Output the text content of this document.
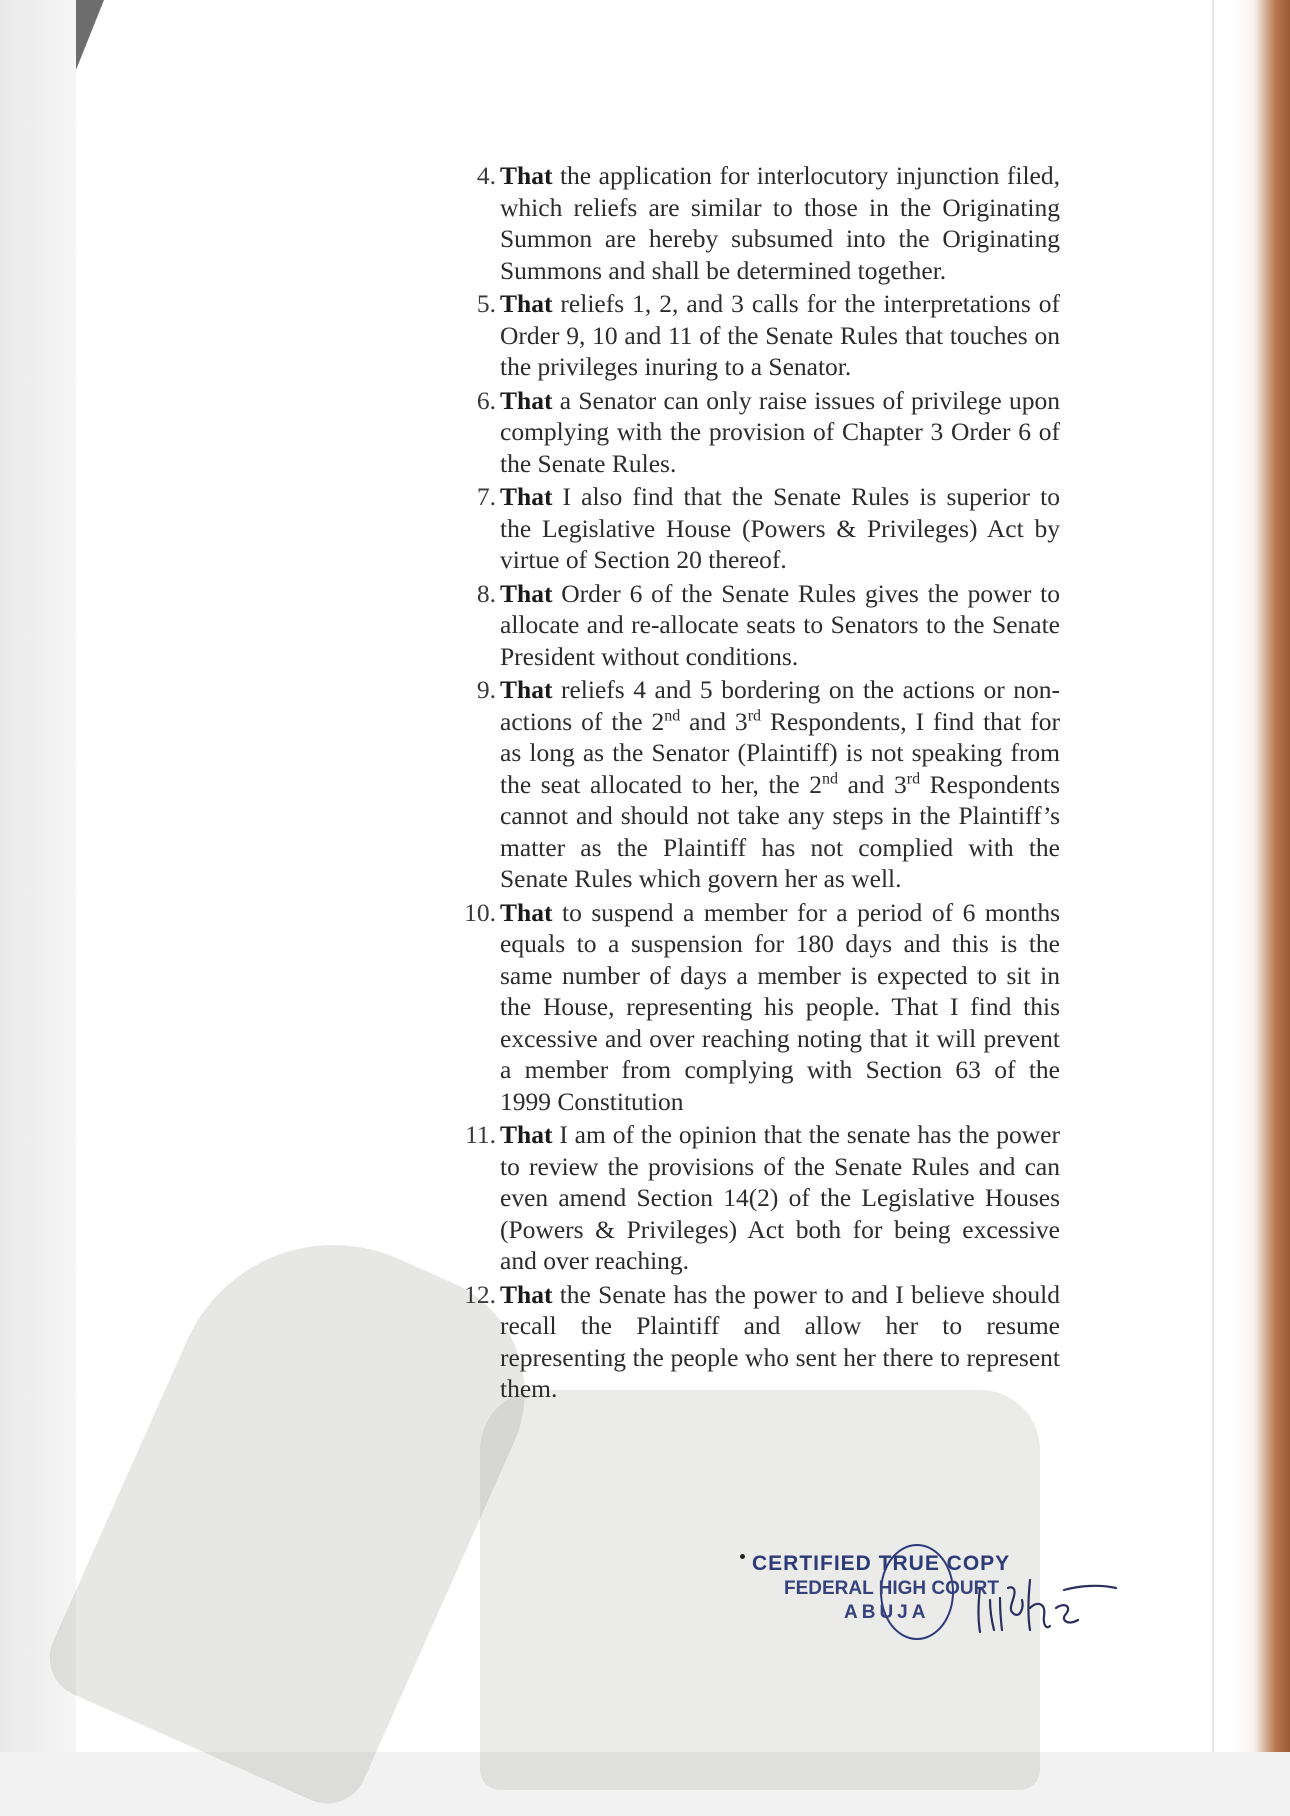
4. That the application for interlocutory injunction filed, which reliefs are similar to those in the Originating Summon are hereby subsumed into the Originating Summons and shall be determined together.
5. That reliefs 1, 2, and 3 calls for the interpretations of Order 9, 10 and 11 of the Senate Rules that touches on the privileges inuring to a Senator.
6. That a Senator can only raise issues of privilege upon complying with the provision of Chapter 3 Order 6 of the Senate Rules.
7. That I also find that the Senate Rules is superior to the Legislative House (Powers & Privileges) Act by virtue of Section 20 thereof.
8. That Order 6 of the Senate Rules gives the power to allocate and re-allocate seats to Senators to the Senate President without conditions.
9. That reliefs 4 and 5 bordering on the actions or non-actions of the 2nd and 3rd Respondents, I find that for as long as the Senator (Plaintiff) is not speaking from the seat allocated to her, the 2nd and 3rd Respondents cannot and should not take any steps in the Plaintiff’s matter as the Plaintiff has not complied with the Senate Rules which govern her as well.
10. That to suspend a member for a period of 6 months equals to a suspension for 180 days and this is the same number of days a member is expected to sit in the House, representing his people. That I find this excessive and over reaching noting that it will prevent a member from complying with Section 63 of the 1999 Constitution
11. That I am of the opinion that the senate has the power to review the provisions of the Senate Rules and can even amend Section 14(2) of the Legislative Houses (Powers & Privileges) Act both for being excessive and over reaching.
12. That the Senate has the power to and I believe should recall the Plaintiff and allow her to resume representing the people who sent her there to represent them.
CERTIFIED TRUE COPY
FEDERAL HIGH COURT
ABUJA
